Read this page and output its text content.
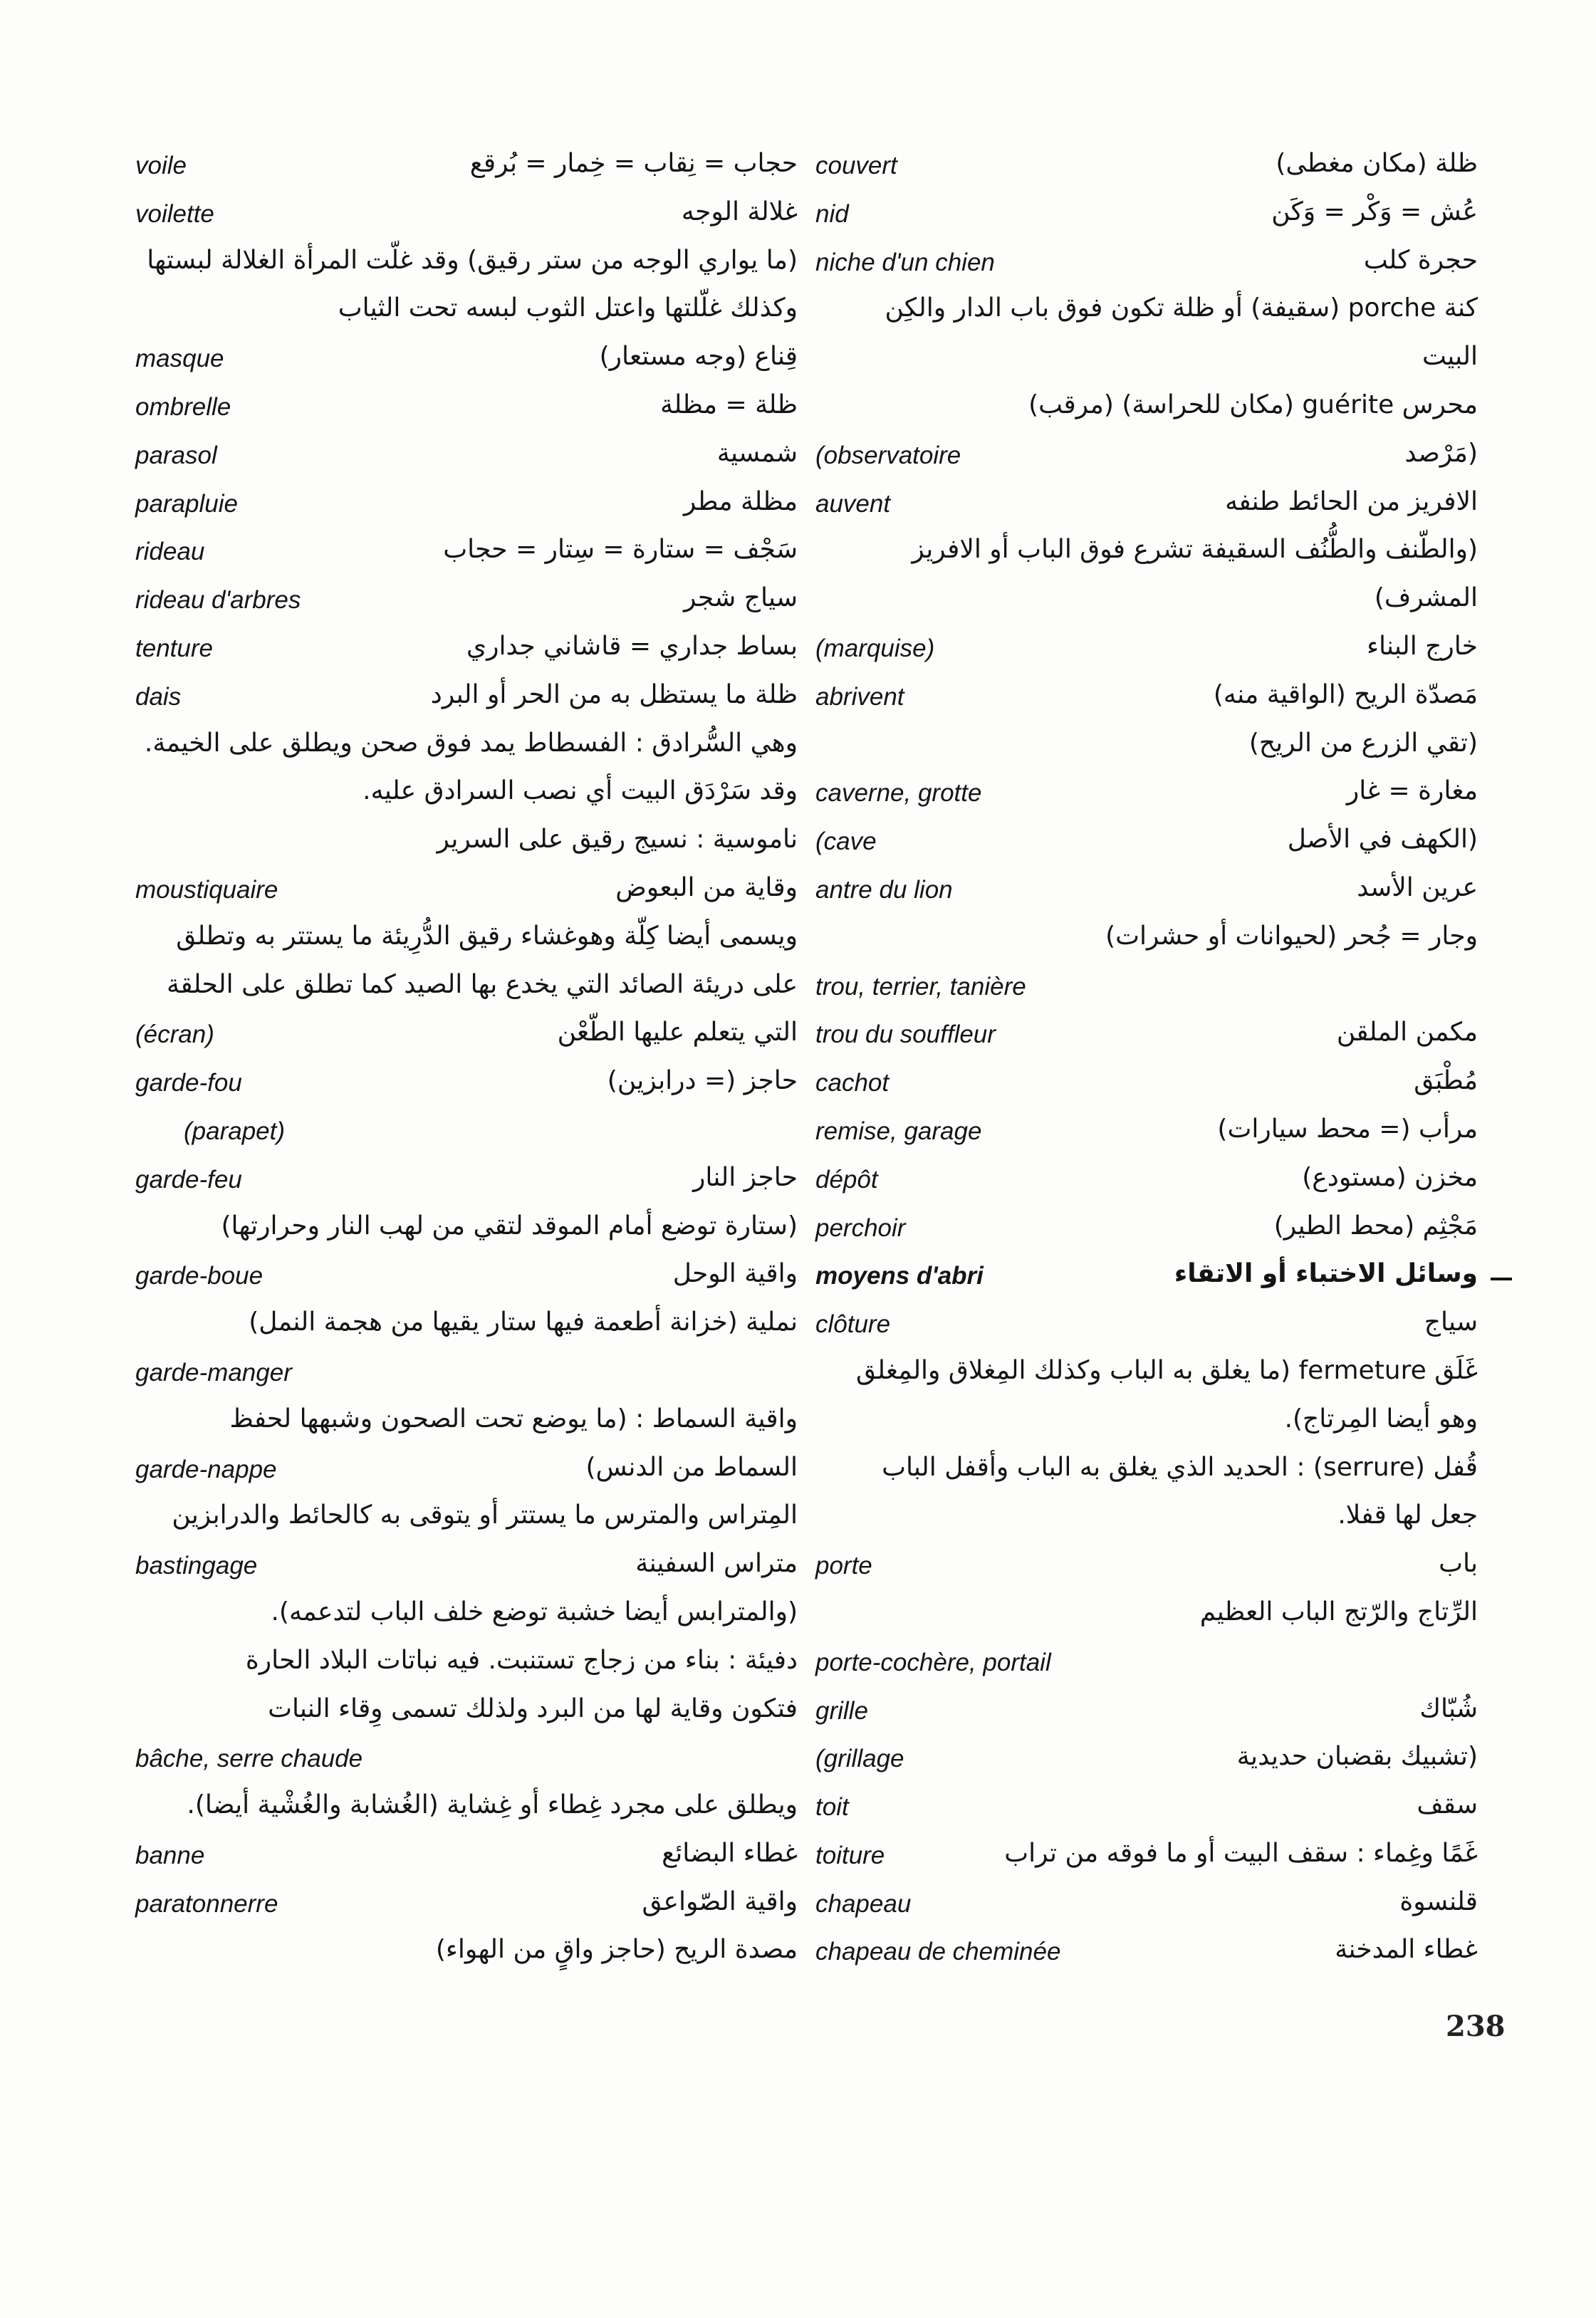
voile	حجاب = نِقاب = خِمار = بُرقع
voilette	غلالة الوجه
(ما يواري الوجه من ستر رقيق) وقد غلّت المرأة الغلالة لبستها
وكذلك غلّلتها واعتل الثوب لبسه تحت الثياب
masque	قِناع (وجه مستعار)
ombrelle	ظلة = مظلة
parasol	شمسية
parapluie	مظلة مطر
rideau	سَجْف = ستارة = سِتار = حجاب
rideau d'arbres	سياج شجر
tenture	بساط جداري = قاشاني جداري
dais	ظلة ما يستظل به من الحر أو البرد
وهي السُّرادق : الفسطاط يمد فوق صحن ويطلق على الخيمة.
وقد سَرْدَق البيت أي نصب السرادق عليه.
ناموسية : نسيج رقيق على السرير
moustiquaire	وقاية من البعوض
ويسمى أيضا كِلّة وهوغشاء رقيق الدُّرِيئة ما يستتر به وتطلق
على دريئة الصائد التي يخدع بها الصيد كما تطلق على الحلقة
(écran)	التي يتعلم عليها الطّعْن
garde-fou	حاجز (= درابزين)
(parapet)
garde-feu	حاجز النار
(ستارة توضع أمام الموقد لتقي من لهب النار وحرارتها)
garde-boue	واقية الوحل
نملية (خزانة أطعمة فيها ستار يقيها من هجمة النمل)
garde-manger
واقية السماط : (ما يوضع تحت الصحون وشبهها لحفظ
garde-nappe	السماط من الدنس)
المِتراس والمترس ما يستتر أو يتوقى به كالحائط والدرابزين
bastingage	متراس السفينة
(والمترابس أيضا خشبة توضع خلف الباب لتدعمه).
دفيئة : بناء من زجاج تستنبت. فيه نباتات البلاد الحارة
فتكون وقاية لها من البرد ولذلك تسمى وِقاء النبات
bâche, serre chaude
ويطلق على مجرد غِطاء أو غِشاية (الغُشابة والغُشْية أيضا).
banne	غطاء البضائع
paratonnerre	واقية الصّواعق
مصدة الريح (حاجز واقٍ من الهواء)
couvert	ظلة (مكان مغطى)
nid	عُش = وَكْر = وَكَن
niche d'un chien	حجرة كلب
كنة porche (سقيفة) أو ظلة تكون فوق باب الدار والكِن
البيت
محرس guérite (مكان للحراسة) (مرقب)
(observatoire	(مَرْصد
auvent	الافريز من الحائط طنفه
(والطّنف والطُّنُف السقيفة تشرع فوق الباب أو الافريز
المشرف)
(marquise)	خارج البناء
abrivent	مَصدّة الريح (الواقية منه)
(تقي الزرع من الريح)
caverne, grotte	مغارة = غار
(cave	(الكهف في الأصل
antre du lion	عرين الأسد
وجار = جُحر (لحيوانات أو حشرات)
trou, terrier, tanière
trou du souffleur	مكمن الملقن
cachot	مُطْبَق
remise, garage	مرأب (= محط سيارات)
dépôt	مخزن (مستودع)
perchoir	مَجْثِم (محط الطير)
moyens d'abri	وسائل الاختباء أو الاتقاء
clôture	سياج
غَلَق fermeture (ما يغلق به الباب وكذلك المِغلاق والمِغلق
وهو أيضا المِرتاج).
قُفل (serrure) : الحديد الذي يغلق به الباب وأقفل الباب
جعل لها قفلا.
porte	باب
الرِّتاج والرّتج الباب العظيم
porte-cochère, portail
grille	شُبّاك
(grillage	(تشبيك بقضبان حديدية
toit	سقف
toiture	غَمًا وغِماء : سقف البيت أو ما فوقه من تراب
chapeau	قلنسوة
chapeau de cheminée	غطاء المدخنة
238
